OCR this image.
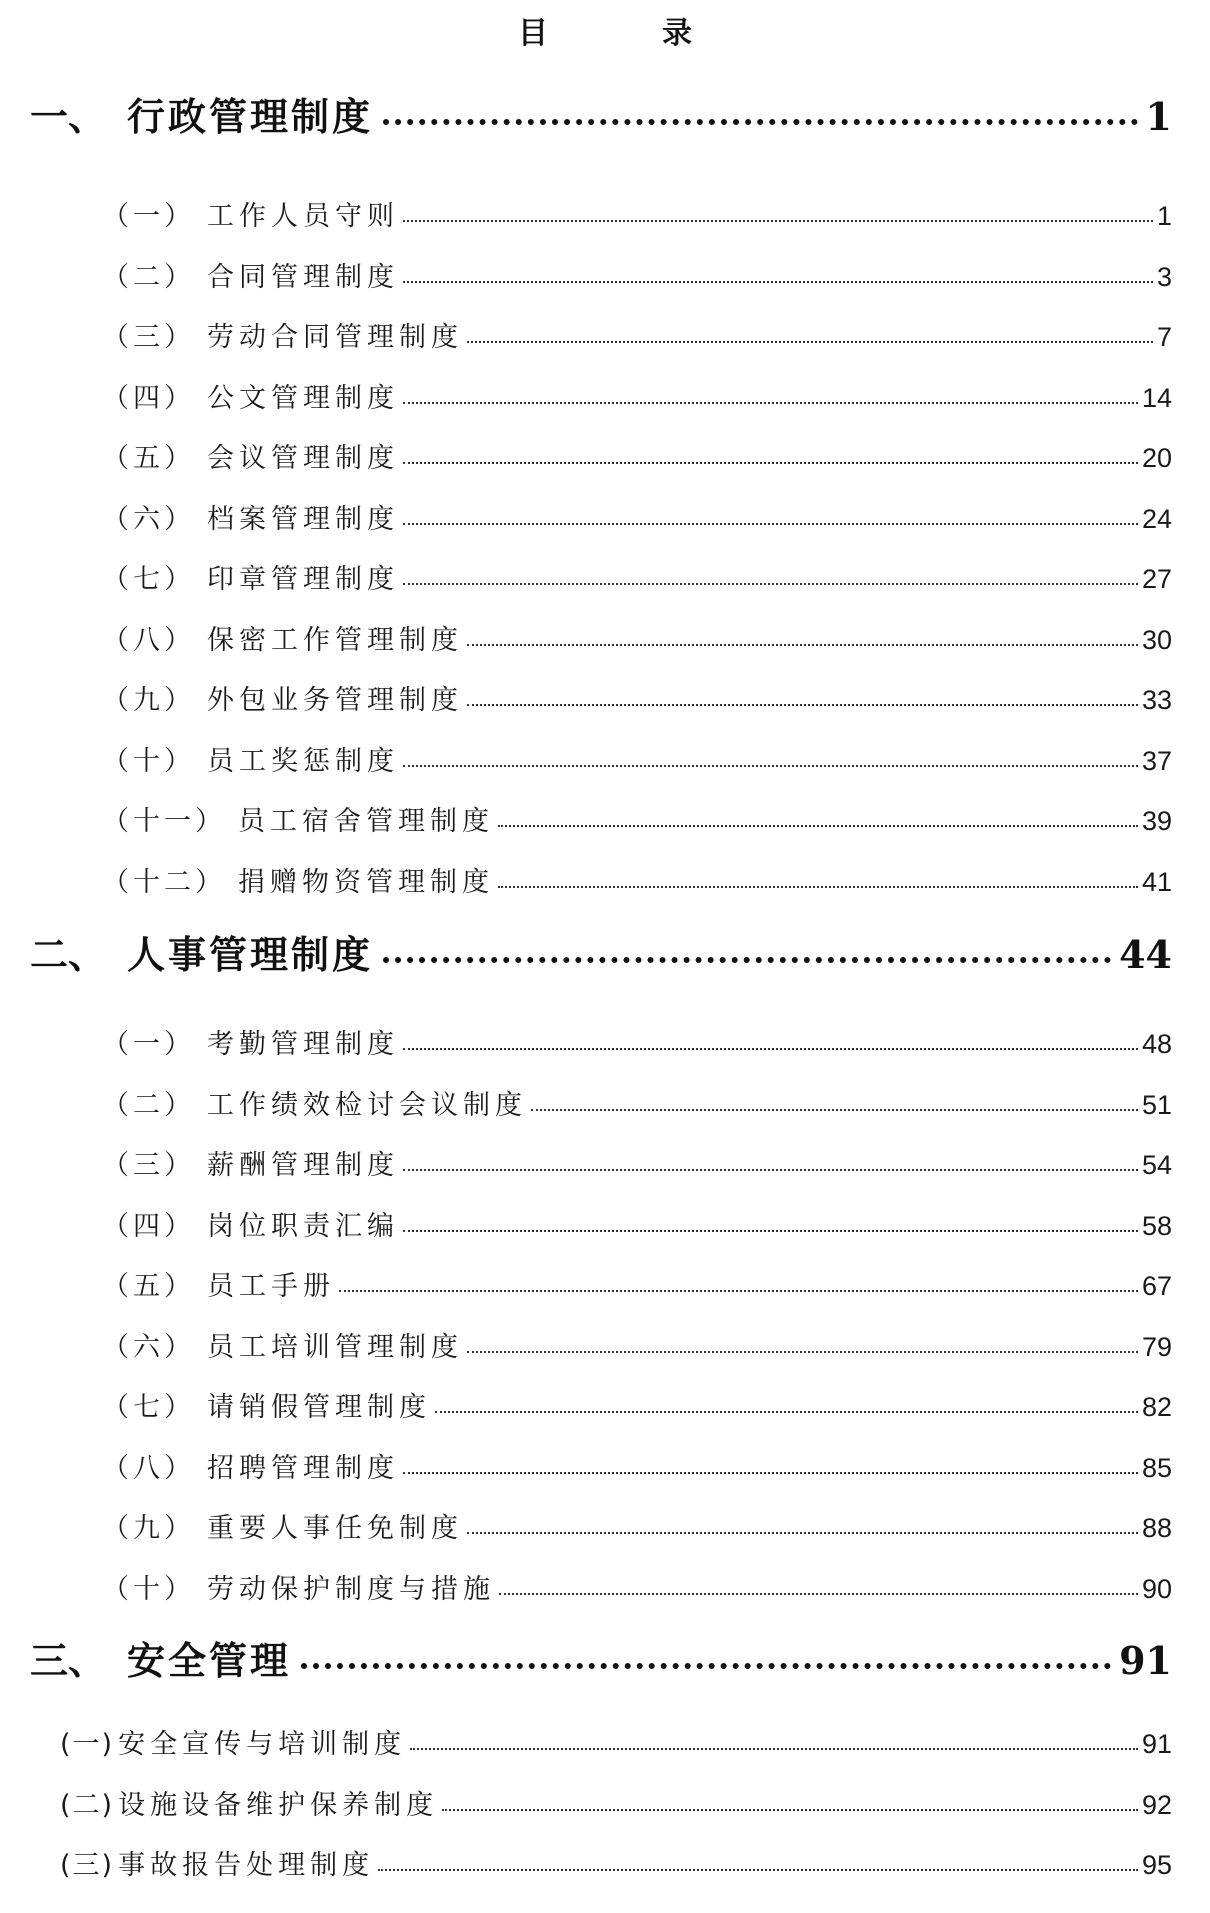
目　录
一、 行政管理制度	1
（一） 工作人员守则	1
（二） 合同管理制度	3
（三） 劳动合同管理制度	7
（四） 公文管理制度	14
（五） 会议管理制度	20
（六） 档案管理制度	24
（七） 印章管理制度	27
（八） 保密工作管理制度	30
（九） 外包业务管理制度	33
（十） 员工奖惩制度	37
（十一） 员工宿舍管理制度	39
（十二） 捐赠物资管理制度	41
二、 人事管理制度	44
（一） 考勤管理制度	48
（二） 工作绩效检讨会议制度	51
（三） 薪酬管理制度	54
（四） 岗位职责汇编	58
（五） 员工手册	67
（六） 员工培训管理制度	79
（七） 请销假管理制度	82
（八） 招聘管理制度	85
（九） 重要人事任免制度	88
（十） 劳动保护制度与措施	90
三、 安全管理	91
(一) 安全宣传与培训制度	91
(二) 设施设备维护保养制度	92
(三) 事故报告处理制度	95
